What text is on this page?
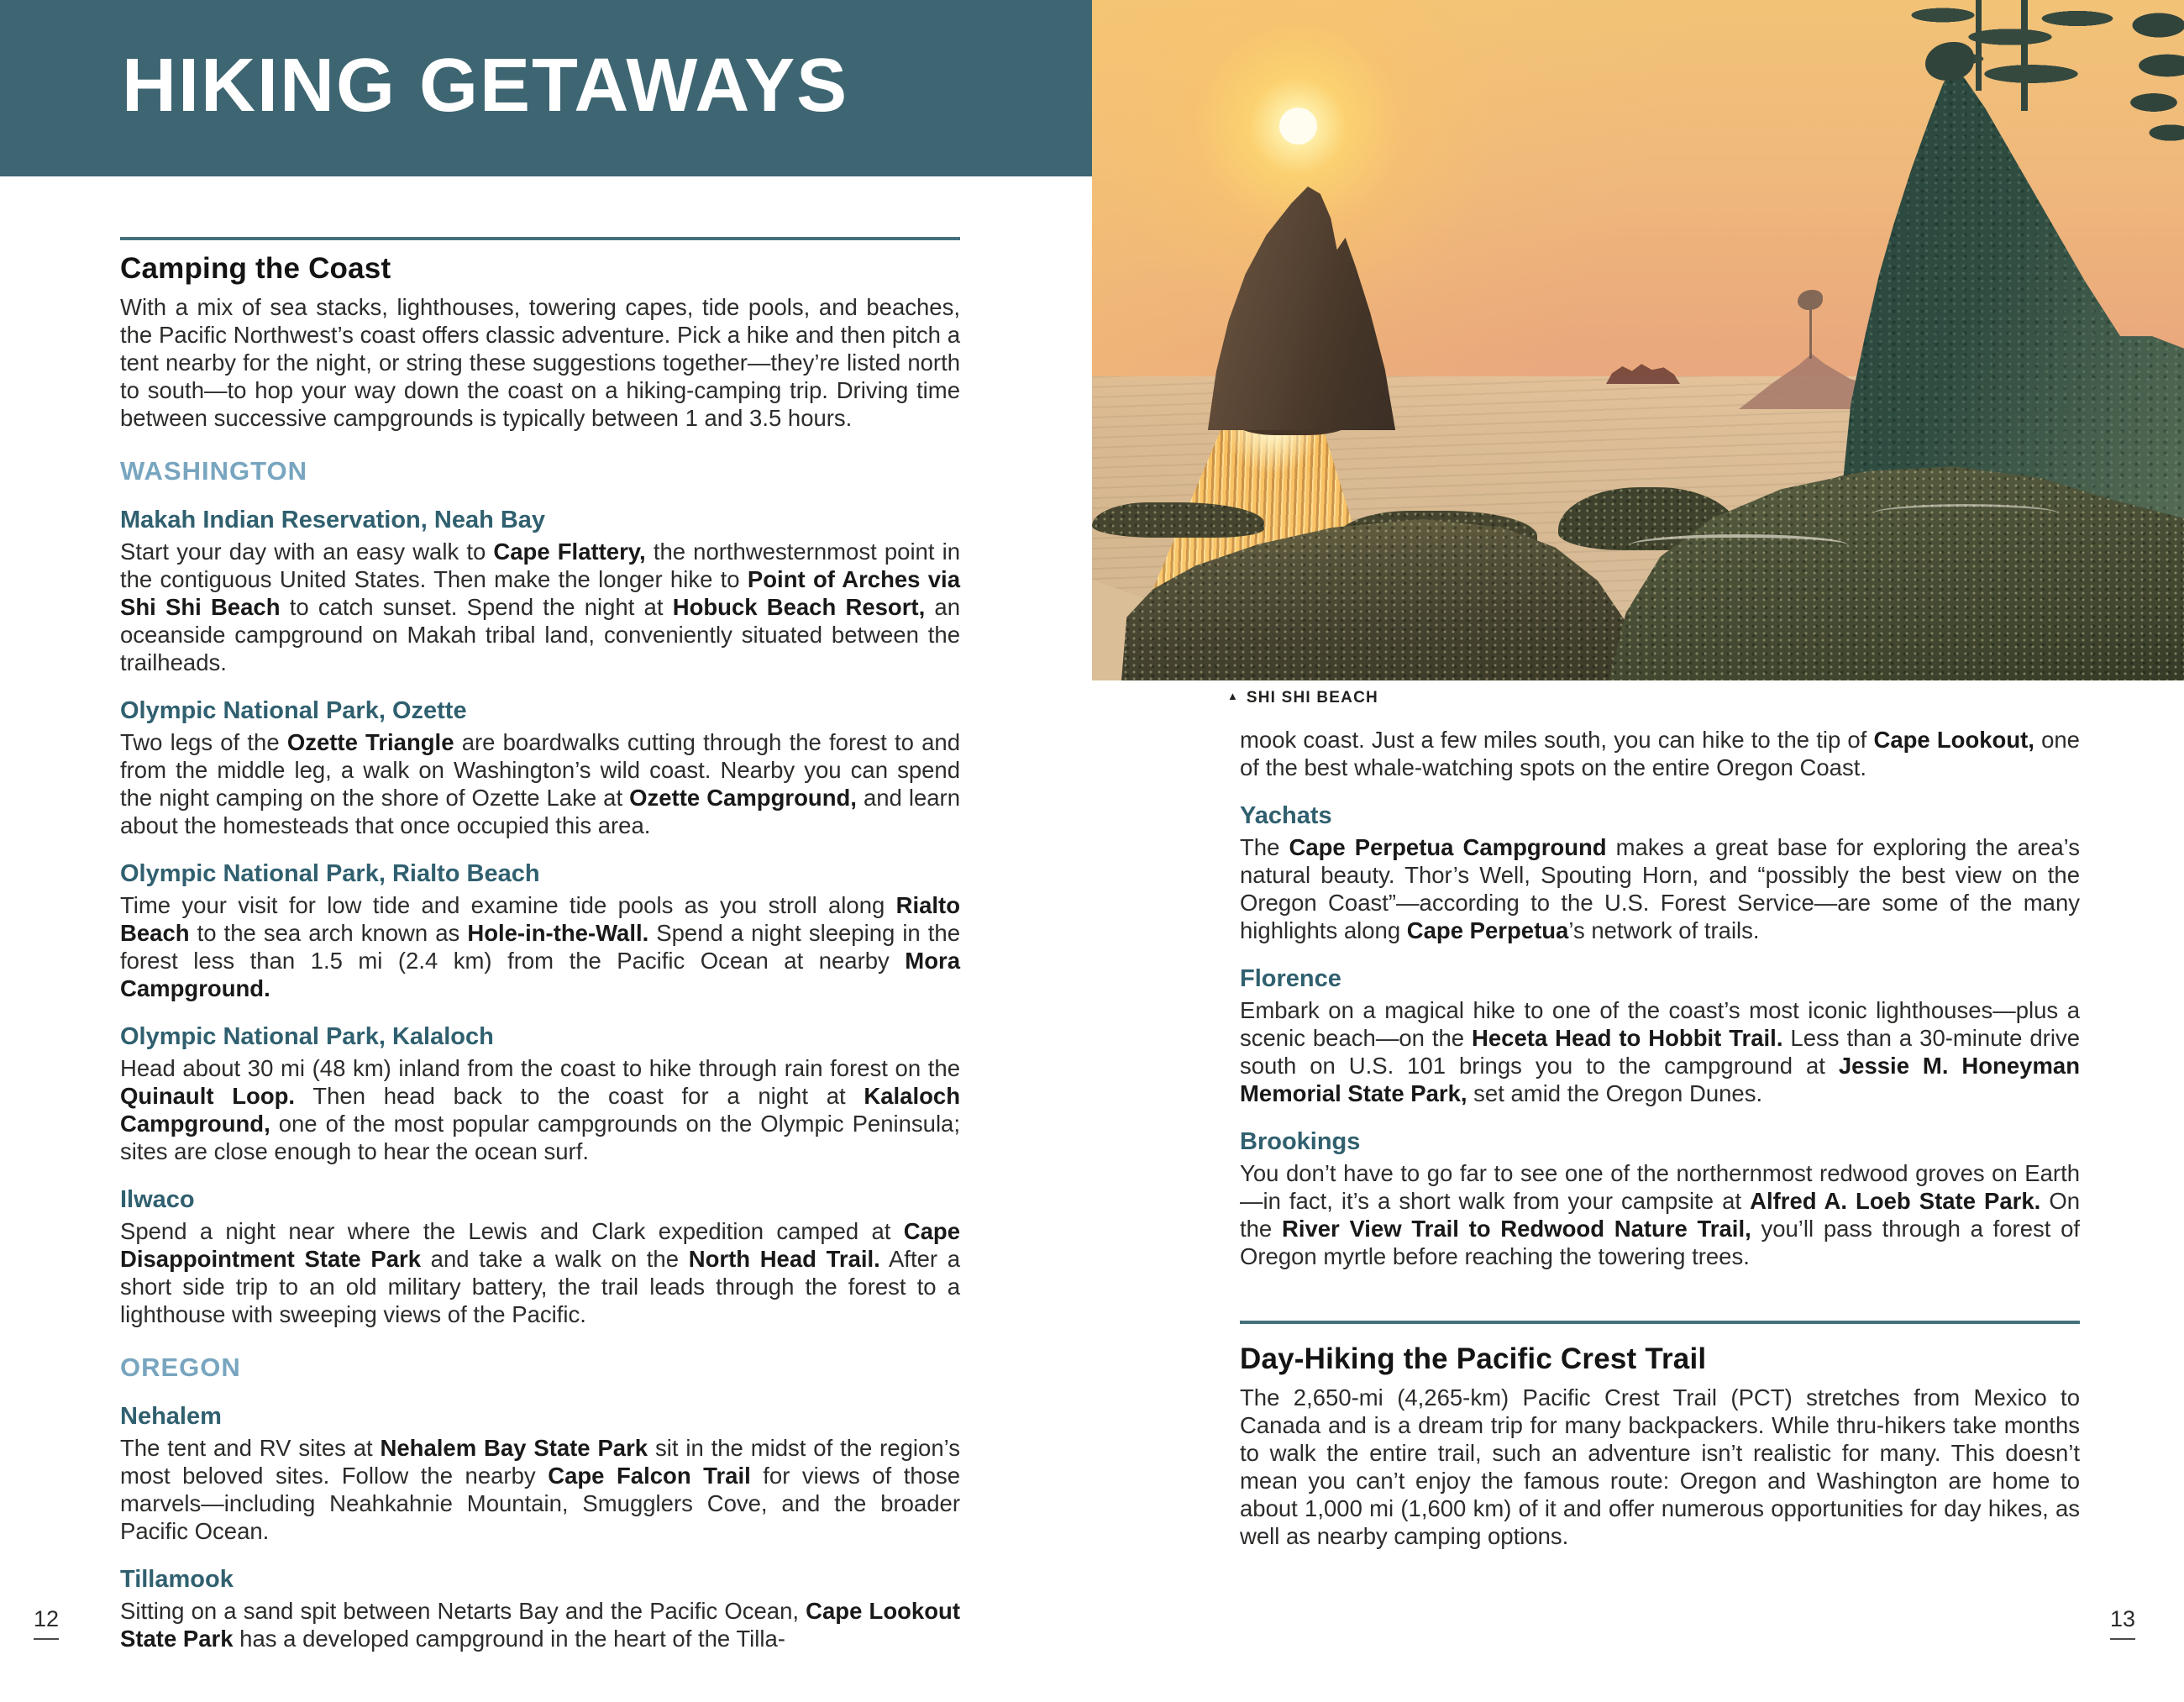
HIKING GETAWAYS
Camping the Coast

With a mix of sea stacks, lighthouses, towering capes, tide pools, and beaches, the Pacific Northwest’s coast offers classic adventure. Pick a hike and then pitch a tent nearby for the night, or string these suggestions together—they’re listed north to south—to hop your way down the coast on a hiking-camping trip. Driving time between successive campgrounds is typically between 1 and 3.5 hours.

WASHINGTON
Makah Indian Reservation, Neah Bay

Start your day with an easy walk to Cape Flattery, the northwesternmost point in the contiguous United States. Then make the longer hike to Point of Arches via Shi Shi Beach to catch sunset. Spend the night at Hobuck Beach Resort, an oceanside campground on Makah tribal land, conveniently situated between the trailheads.

Olympic National Park, Ozette

Two legs of the Ozette Triangle are boardwalks cutting through the forest to and from the middle leg, a walk on Washington’s wild coast. Nearby you can spend the night camping on the shore of Ozette Lake at Ozette Campground, and learn about the homesteads that once occupied this area.

Olympic National Park, Rialto Beach

Time your visit for low tide and examine tide pools as you stroll along Rialto Beach to the sea arch known as Hole-in-the-Wall. Spend a night sleeping in the forest less than 1.5 mi (2.4 km) from the Pacific Ocean at nearby Mora Campground.

Olympic National Park, Kalaloch

Head about 30 mi (48 km) inland from the coast to hike through rain forest on the Quinault Loop. Then head back to the coast for a night at Kalaloch Campground, one of the most popular campgrounds on the Olympic Peninsula; sites are close enough to hear the ocean surf.

Ilwaco

Spend a night near where the Lewis and Clark expedition camped at Cape Disappointment State Park and take a walk on the North Head Trail. After a short side trip to an old military battery, the trail leads through the forest to a lighthouse with sweeping views of the Pacific.

OREGON
Nehalem

The tent and RV sites at Nehalem Bay State Park sit in the midst of the region’s most beloved sites. Follow the nearby Cape Falcon Trail for views of those marvels—including Neahkahnie Mountain, Smugglers Cove, and the broader Pacific Ocean.

Tillamook

Sitting on a sand spit between Netarts Bay and the Pacific Ocean, Cape Lookout State Park has a developed campground in the heart of the Tilla-

▲ SHI SHI BEACH

mook coast. Just a few miles south, you can hike to the tip of Cape Lookout, one of the best whale-watching spots on the entire Oregon Coast.

Yachats

The Cape Perpetua Campground makes a great base for exploring the area’s natural beauty. Thor’s Well, Spouting Horn, and “possibly the best view on the Oregon Coast”—according to the U.S. Forest Service—are some of the many highlights along Cape Perpetua’s network of trails.

Florence

Embark on a magical hike to one of the coast’s most iconic lighthouses—plus a scenic beach—on the Heceta Head to Hobbit Trail. Less than a 30-minute drive south on U.S. 101 brings you to the campground at Jessie M. Honeyman Memorial State Park, set amid the Oregon Dunes.

Brookings

You don’t have to go far to see one of the northernmost redwood groves on Earth—in fact, it’s a short walk from your campsite at Alfred A. Loeb State Park. On the River View Trail to Redwood Nature Trail, you’ll pass through a forest of Oregon myrtle before reaching the towering trees.

Day-Hiking the Pacific Crest Trail

The 2,650-mi (4,265-km) Pacific Crest Trail (PCT) stretches from Mexico to Canada and is a dream trip for many backpackers. While thru-hikers take months to walk the entire trail, such an adventure isn’t realistic for many. This doesn’t mean you can’t enjoy the famous route: Oregon and Washington are home to about 1,000 mi (1,600 km) of it and offer numerous opportunities for day hikes, as well as nearby camping options.

12	13
